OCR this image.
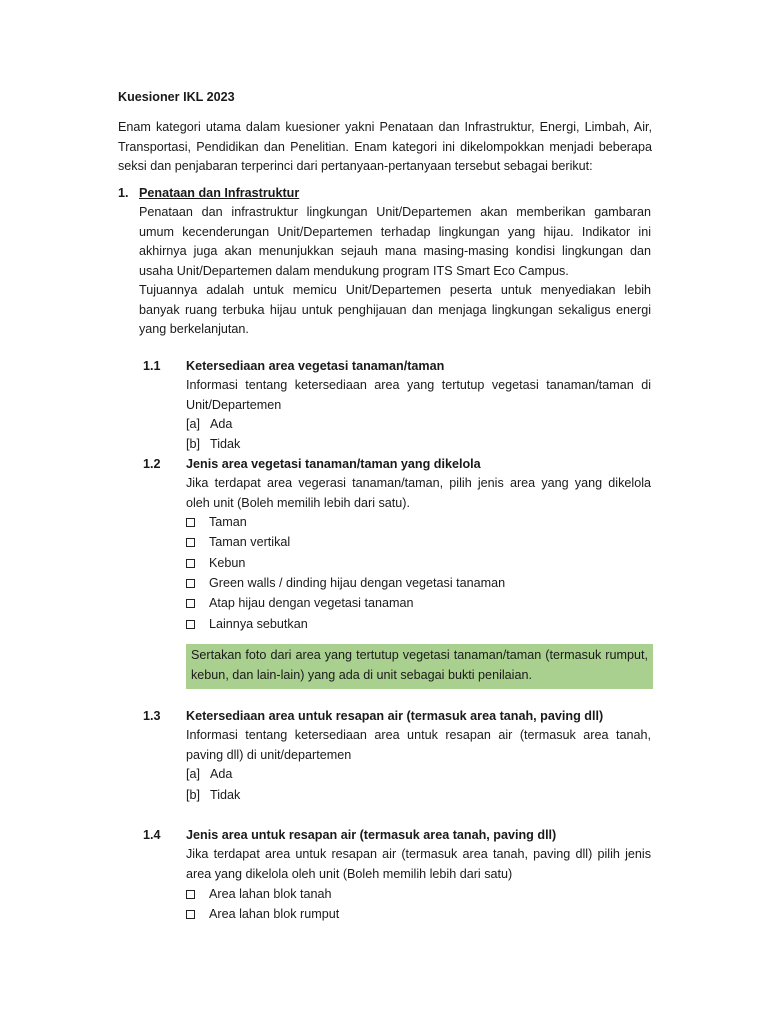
Kuesioner IKL 2023
Enam kategori utama dalam kuesioner yakni Penataan dan Infrastruktur, Energi, Limbah, Air, Transportasi, Pendidikan dan Penelitian. Enam kategori ini dikelompokkan menjadi beberapa seksi dan penjabaran terperinci dari pertanyaan-pertanyaan tersebut sebagai berikut:
1. Penataan dan Infrastruktur
Penataan dan infrastruktur lingkungan Unit/Departemen akan memberikan gambaran umum kecenderungan Unit/Departemen terhadap lingkungan yang hijau. Indikator ini akhirnya juga akan menunjukkan sejauh mana masing-masing kondisi lingkungan dan usaha Unit/Departemen dalam mendukung program ITS Smart Eco Campus.
Tujuannya adalah untuk memicu Unit/Departemen peserta untuk menyediakan lebih banyak ruang terbuka hijau untuk penghijauan dan menjaga lingkungan sekaligus energi yang berkelanjutan.
1.1 Ketersediaan area vegetasi tanaman/taman
Informasi tentang ketersediaan area yang tertutup vegetasi tanaman/taman di Unit/Departemen
[a] Ada
[b] Tidak
1.2 Jenis area vegetasi tanaman/taman yang dikelola
Jika terdapat area vegerasi tanaman/taman, pilih jenis area yang yang dikelola oleh unit (Boleh memilih lebih dari satu).
Taman
Taman vertikal
Kebun
Green walls / dinding hijau dengan vegetasi tanaman
Atap hijau dengan vegetasi tanaman
Lainnya sebutkan
Sertakan foto dari area yang tertutup vegetasi tanaman/taman (termasuk rumput, kebun, dan lain-lain) yang ada di unit sebagai bukti penilaian.
1.3 Ketersediaan area untuk resapan air (termasuk area tanah, paving dll)
Informasi tentang ketersediaan area untuk resapan air (termasuk area tanah, paving dll) di unit/departemen
[a] Ada
[b] Tidak
1.4 Jenis area untuk resapan air (termasuk area tanah, paving dll)
Jika terdapat area untuk resapan air (termasuk area tanah, paving dll) pilih jenis area yang dikelola oleh unit (Boleh memilih lebih dari satu)
Area lahan blok tanah
Area lahan blok rumput
